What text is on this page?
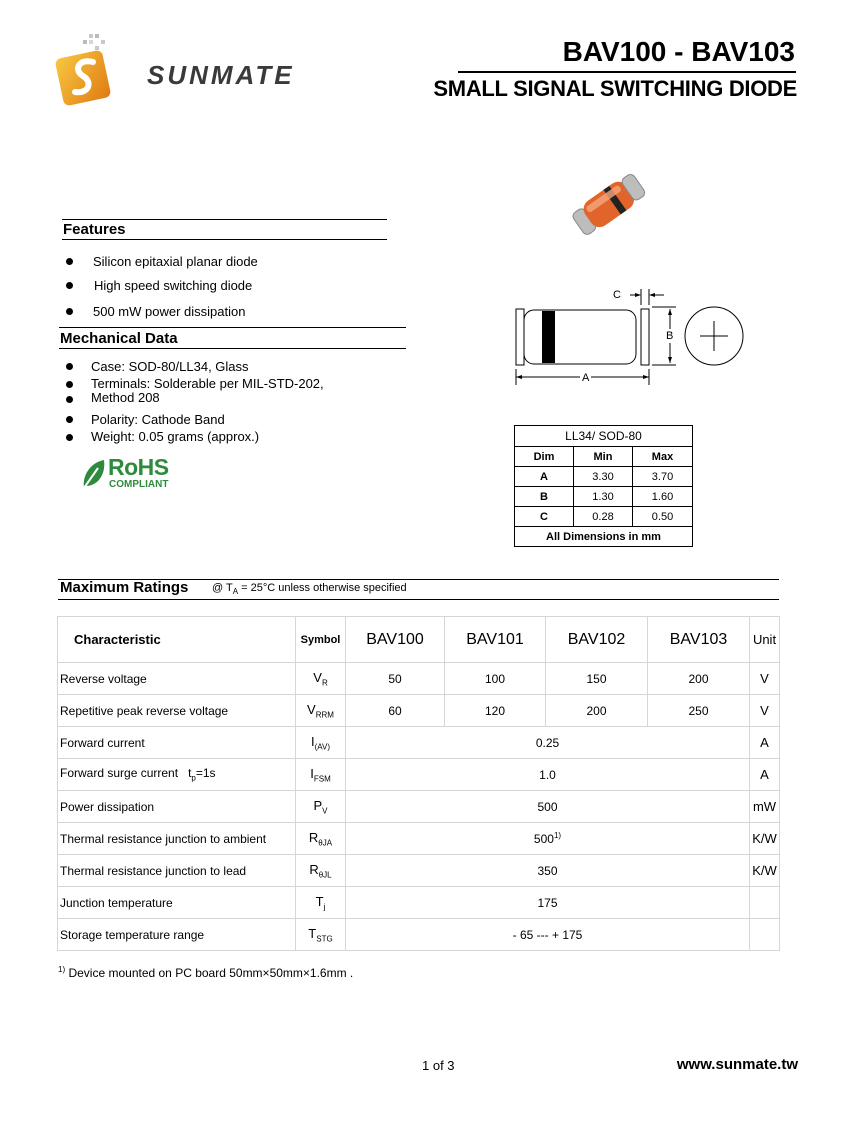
SUNMATE
BAV100 - BAV103
SMALL SIGNAL SWITCHING DIODE
Features
Silicon epitaxial planar diode
High speed switching diode
500 mW power dissipation
Mechanical Data
Case: SOD-80/LL34, Glass
Terminals: Solderable per MIL-STD-202,
Method 208
Polarity: Cathode Band
Weight: 0.05 grams (approx.)
RoHS
COMPLIANT
A
B
C
LL34/ SOD-80		
Dim	Min	Max
A	3.30	3.70
B	1.30	1.60
C	0.28	0.50
All Dimensions in mm		
Maximum Ratings @ $T_A = 25^\circ C$ unless otherwise specified
Characteristic	Symbol	BAV100	BAV101	BAV102	BAV103	Unit
Reverse voltage	$V_R$	50	100	150	200	V
Repetitive peak reverse voltage	$V_{RRM}$	60	120	200	250	V
Forward current	$I_{(AV)}$	0.25				A
Forward surge current $t_p=1s$	$I_{FSM}$	1.0				A
Power dissipation	$P_V$	500				mW
Thermal resistance junction to ambient	$R_{\theta JA}$	500$^{1)}$				K/W
Thermal resistance junction to lead	$R_{\theta JL}$	350				K/W
Junction temperature	$T_j$	175				
Storage temperature range	$T_{STG}$	- 65 --- + 175				
$^{1)}$ Device mounted on PC board 50mm×50mm×1.6mm .
1 of 3	www.sunmate.tw
